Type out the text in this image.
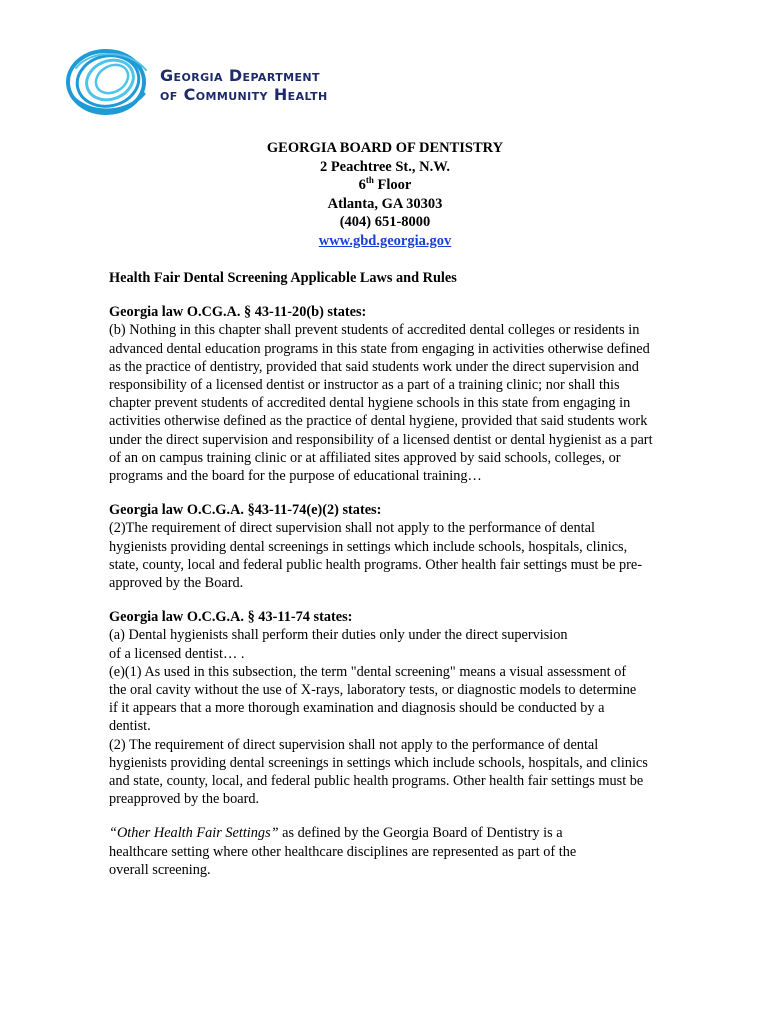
Georgia Department
of Community Health
GEORGIA BOARD OF DENTISTRY
2 Peachtree St., N.W.
6th Floor
Atlanta, GA 30303
(404) 651-8000
www.gbd.georgia.gov
Health Fair Dental Screening Applicable Laws and Rules
Georgia law O.CG.A. § 43-11-20(b) states:
(b) Nothing in this chapter shall prevent students of accredited dental colleges or residents in
advanced dental education programs in this state from engaging in activities otherwise defined
as the practice of dentistry, provided that said students work under the direct supervision and
responsibility of a licensed dentist or instructor as a part of a training clinic; nor shall this
chapter prevent students of accredited dental hygiene schools in this state from engaging in
activities otherwise defined as the practice of dental hygiene, provided that said students work
under the direct supervision and responsibility of a licensed dentist or dental hygienist as a part
of an on campus training clinic or at affiliated sites approved by said schools, colleges, or
programs and the board for the purpose of educational training…
Georgia law O.C.G.A. §43-11-74(e)(2) states:
(2)The requirement of direct supervision shall not apply to the performance of dental
hygienists providing dental screenings in settings which include schools, hospitals, clinics,
state, county, local and federal public health programs. Other health fair settings must be pre-
approved by the Board.
Georgia law O.C.G.A. § 43-11-74 states:
(a) Dental hygienists shall perform their duties only under the direct supervision
of a licensed dentist… .
(e)(1) As used in this subsection, the term "dental screening" means a visual assessment of
the oral cavity without the use of X-rays, laboratory tests, or diagnostic models to determine
if it appears that a more thorough examination and diagnosis should be conducted by a
dentist.
(2) The requirement of direct supervision shall not apply to the performance of dental
hygienists providing dental screenings in settings which include schools, hospitals, and clinics
and state, county, local, and federal public health programs. Other health fair settings must be
preapproved by the board.
“Other Health Fair Settings” as defined by the Georgia Board of Dentistry is a
healthcare setting where other healthcare disciplines are represented as part of the
overall screening.
